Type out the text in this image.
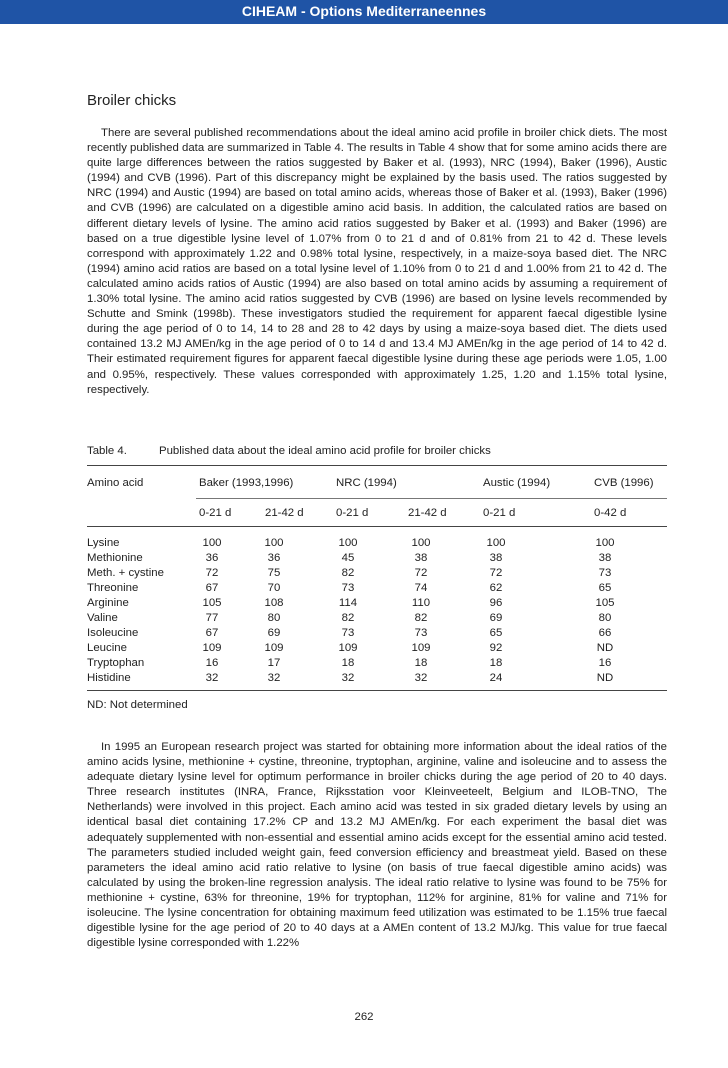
CIHEAM - Options Mediterraneennes
Broiler chicks

There are several published recommendations about the ideal amino acid profile in broiler chick diets. The most recently published data are summarized in Table 4. The results in Table 4 show that for some amino acids there are quite large differences between the ratios suggested by Baker et al. (1993), NRC (1994), Baker (1996), Austic (1994) and CVB (1996). Part of this discrepancy might be explained by the basis used. The ratios suggested by NRC (1994) and Austic (1994) are based on total amino acids, whereas those of Baker et al. (1993), Baker (1996) and CVB (1996) are calculated on a digestible amino acid basis. In addition, the calculated ratios are based on different dietary levels of lysine. The amino acid ratios suggested by Baker et al. (1993) and Baker (1996) are based on a true digestible lysine level of 1.07% from 0 to 21 d and of 0.81% from 21 to 42 d. These levels correspond with approximately 1.22 and 0.98% total lysine, respectively, in a maize-soya based diet. The NRC (1994) amino acid ratios are based on a total lysine level of 1.10% from 0 to 21 d and 1.00% from 21 to 42 d. The calculated amino acids ratios of Austic (1994) are also based on total amino acids by assuming a requirement of 1.30% total lysine. The amino acid ratios suggested by CVB (1996) are based on lysine levels recommended by Schutte and Smink (1998b). These investigators studied the requirement for apparent faecal digestible lysine during the age period of 0 to 14, 14 to 28 and 28 to 42 days by using a maize-soya based diet. The diets used contained 13.2 MJ AMEn/kg in the age period of 0 to 14 d and 13.4 MJ AMEn/kg in the age period of 14 to 42 d. Their estimated requirement figures for apparent faecal digestible lysine during these age periods were 1.05, 1.00 and 0.95%, respectively. These values corresponded with approximately 1.25, 1.20 and 1.15% total lysine, respectively.

Table 4.	Published data about the ideal amino acid profile for broiler chicks
Amino acid	Baker (1993,1996)	NRC (1994)	Austic (1994)	CVB (1996)
0-21 d	21-42 d	0-21 d	21-42 d	0-21 d	0-42 d
Lysine	100	100	100	100	100	100
Methionine	36	36	45	38	38	38
Meth. + cystine	72	75	82	72	72	73
Threonine	67	70	73	74	62	65
Arginine	105	108	114	110	96	105
Valine	77	80	82	82	69	80
Isoleucine	67	69	73	73	65	66
Leucine	109	109	109	109	92	ND
Tryptophan	16	17	18	18	18	16
Histidine	32	32	32	32	24	ND
ND: Not determined

In 1995 an European research project was started for obtaining more information about the ideal ratios of the amino acids lysine, methionine + cystine, threonine, tryptophan, arginine, valine and isoleucine and to assess the adequate dietary lysine level for optimum performance in broiler chicks during the age period of 20 to 40 days. Three research institutes (INRA, France, Rijksstation voor Kleinveeteelt, Belgium and ILOB-TNO, The Netherlands) were involved in this project. Each amino acid was tested in six graded dietary levels by using an identical basal diet containing 17.2% CP and 13.2 MJ AMEn/kg. For each experiment the basal diet was adequately supplemented with non-essential and essential amino acids except for the essential amino acid tested. The parameters studied included weight gain, feed conversion efficiency and breastmeat yield. Based on these parameters the ideal amino acid ratio relative to lysine (on basis of true faecal digestible amino acids) was calculated by using the broken-line regression analysis. The ideal ratio relative to lysine was found to be 75% for methionine + cystine, 63% for threonine, 19% for tryptophan, 112% for arginine, 81% for valine and 71% for isoleucine. The lysine concentration for obtaining maximum feed utilization was estimated to be 1.15% true faecal digestible lysine for the age period of 20 to 40 days at a AMEn content of 13.2 MJ/kg. This value for true faecal digestible lysine corresponded with 1.22%

262
